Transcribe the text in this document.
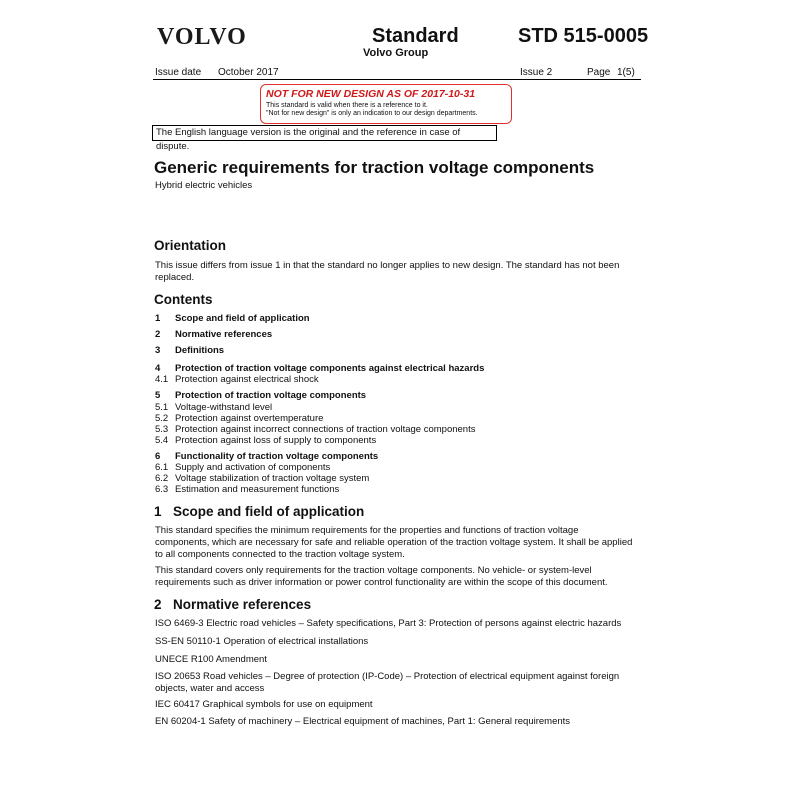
VOLVO	Standard
Volvo Group
STD 515-0005
Issue date October 2017	Issue 2	Page 1(5)
NOT FOR NEW DESIGN AS OF 2017-10-31
This standard is valid when there is a reference to it.
"Not for new design" is only an indication to our design departments.
The English language version is the original and the reference in case of dispute.
Generic requirements for traction voltage components
Hybrid electric vehicles
Orientation
This issue differs from issue 1 in that the standard no longer applies to new design. The standard has not been replaced.
Contents
1 Scope and field of application
2 Normative references
3 Definitions
4 Protection of traction voltage components against electrical hazards
4.1 Protection against electrical shock
5 Protection of traction voltage components
5.1 Voltage-withstand level
5.2 Protection against overtemperature
5.3 Protection against incorrect connections of traction voltage components
5.4 Protection against loss of supply to components
6 Functionality of traction voltage components
6.1 Supply and activation of components
6.2 Voltage stabilization of traction voltage system
6.3 Estimation and measurement functions
1 Scope and field of application
This standard specifies the minimum requirements for the properties and functions of traction voltage components, which are necessary for safe and reliable operation of the traction voltage system. It shall be applied to all components connected to the traction voltage system.
This standard covers only requirements for the traction voltage components. No vehicle- or system-level requirements such as driver information or power control functionality are within the scope of this document.
2 Normative references
ISO 6469-3 Electric road vehicles – Safety specifications, Part 3: Protection of persons against electric hazards
SS-EN 50110-1 Operation of electrical installations
UNECE R100 Amendment
ISO 20653 Road vehicles – Degree of protection (IP-Code) – Protection of electrical equipment against foreign objects, water and access
IEC 60417 Graphical symbols for use on equipment
EN 60204-1 Safety of machinery – Electrical equipment of machines, Part 1: General requirements
